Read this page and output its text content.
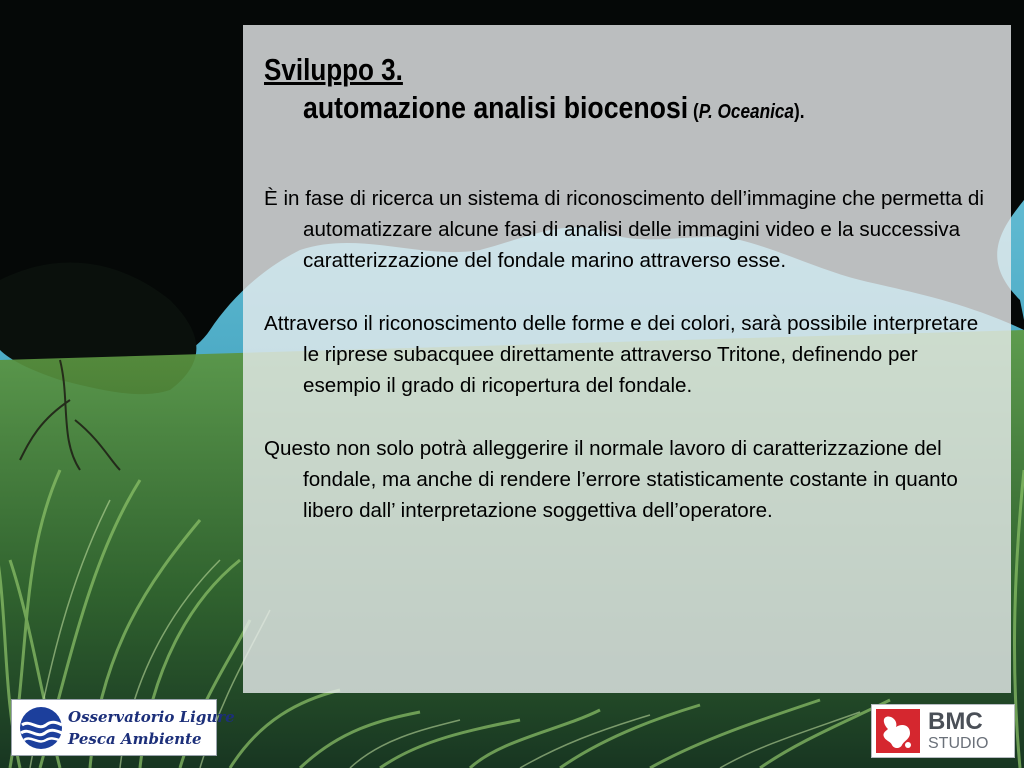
Sviluppo 3.
automazione analisi biocenosi (P. Oceanica).

È in fase di ricerca un sistema di riconoscimento dell’immagine che permetta di automatizzare alcune fasi di analisi delle immagini video e la successiva caratterizzazione del fondale marino attraverso esse.

Attraverso il riconoscimento delle forme e dei colori, sarà possibile interpretare le riprese subacquee direttamente attraverso Tritone, definendo per esempio il grado di ricopertura del fondale.

Questo non solo potrà alleggerire il normale lavoro di caratterizzazione del fondale, ma anche di rendere l’errore statisticamente costante in quanto libero dall’ interpretazione soggettiva dell’operatore.

Osservatorio Ligure
Pesca Ambiente
BMC
STUDIO
